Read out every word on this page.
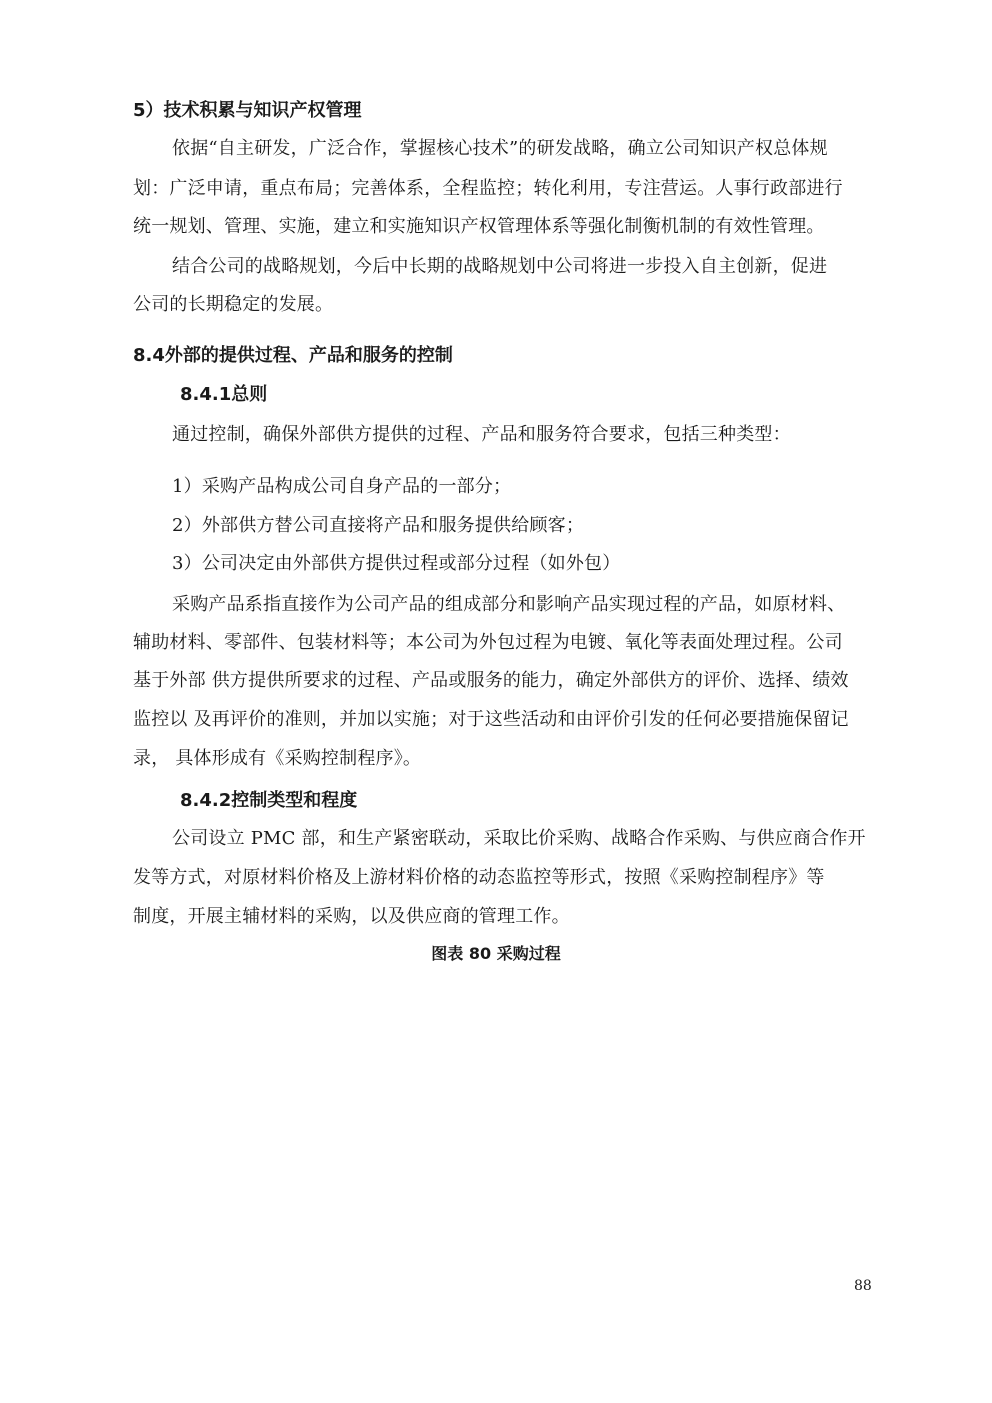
5）技术积累与知识产权管理
依据“自主研发，广泛合作，掌握核心技术”的研发战略，确立公司知识产权总体规
划：广泛申请，重点布局；完善体系，全程监控；转化利用，专注营运。人事行政部进行
统一规划、管理、实施，建立和实施知识产权管理体系等强化制衡机制的有效性管理。
结合公司的战略规划，今后中长期的战略规划中公司将进一步投入自主创新，促进
公司的长期稳定的发展。
8.4外部的提供过程、产品和服务的控制
8.4.1总则
通过控制，确保外部供方提供的过程、产品和服务符合要求，包括三种类型：
1）采购产品构成公司自身产品的一部分；
2）外部供方替公司直接将产品和服务提供给顾客；
3）公司决定由外部供方提供过程或部分过程（如外包）
采购产品系指直接作为公司产品的组成部分和影响产品实现过程的产品，如原材料、
辅助材料、零部件、包装材料等；本公司为外包过程为电镀、氧化等表面处理过程。公司
基于外部 供方提供所要求的过程、产品或服务的能力，确定外部供方的评价、选择、绩效
监控以 及再评价的准则，并加以实施；对于这些活动和由评价引发的任何必要措施保留记
录， 具体形成有《采购控制程序》。
8.4.2控制类型和程度
公司设立 PMC 部，和生产紧密联动，采取比价采购、战略合作采购、与供应商合作开
发等方式，对原材料价格及上游材料价格的动态监控等形式，按照《采购控制程序》等
制度，开展主辅材料的采购，以及供应商的管理工作。
图表 80 采购过程
88
